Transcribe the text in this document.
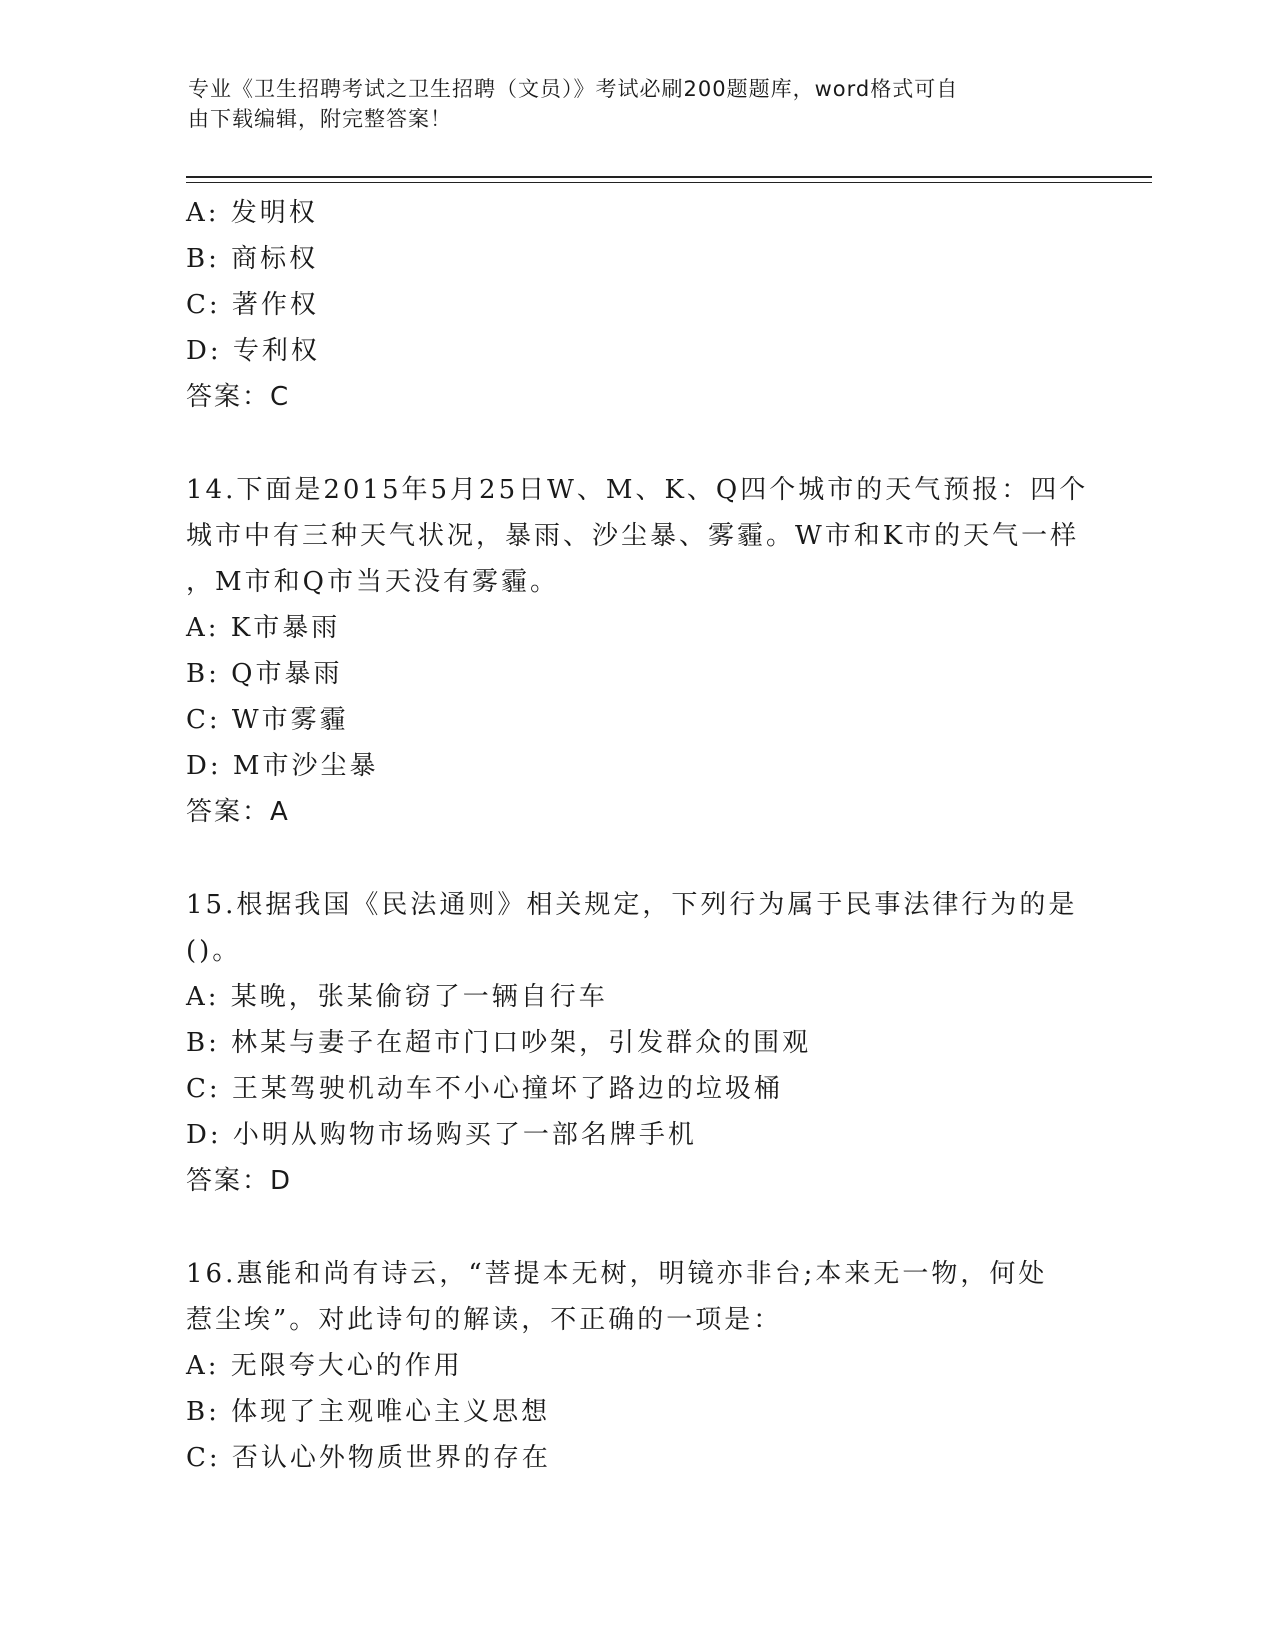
专业《卫生招聘考试之卫生招聘（文员）》考试必刷200题题库，word格式可自
由下载编辑，附完整答案！
A: 发明权
B: 商标权
C: 著作权
D: 专利权
答案：C
14.下面是2015年5月25日W、M、K、Q四个城市的天气预报：四个
城市中有三种天气状况，暴雨、沙尘暴、雾霾。W市和K市的天气一样
，M市和Q市当天没有雾霾。
A: K市暴雨
B: Q市暴雨
C: W市雾霾
D: M市沙尘暴
答案：A
15.根据我国《民法通则》相关规定，下列行为属于民事法律行为的是
()。
A: 某晚，张某偷窃了一辆自行车
B: 林某与妻子在超市门口吵架，引发群众的围观
C: 王某驾驶机动车不小心撞坏了路边的垃圾桶
D: 小明从购物市场购买了一部名牌手机
答案：D
16.惠能和尚有诗云，“菩提本无树，明镜亦非台;本来无一物，何处
惹尘埃”。对此诗句的解读，不正确的一项是：
A: 无限夸大心的作用
B: 体现了主观唯心主义思想
C: 否认心外物质世界的存在
